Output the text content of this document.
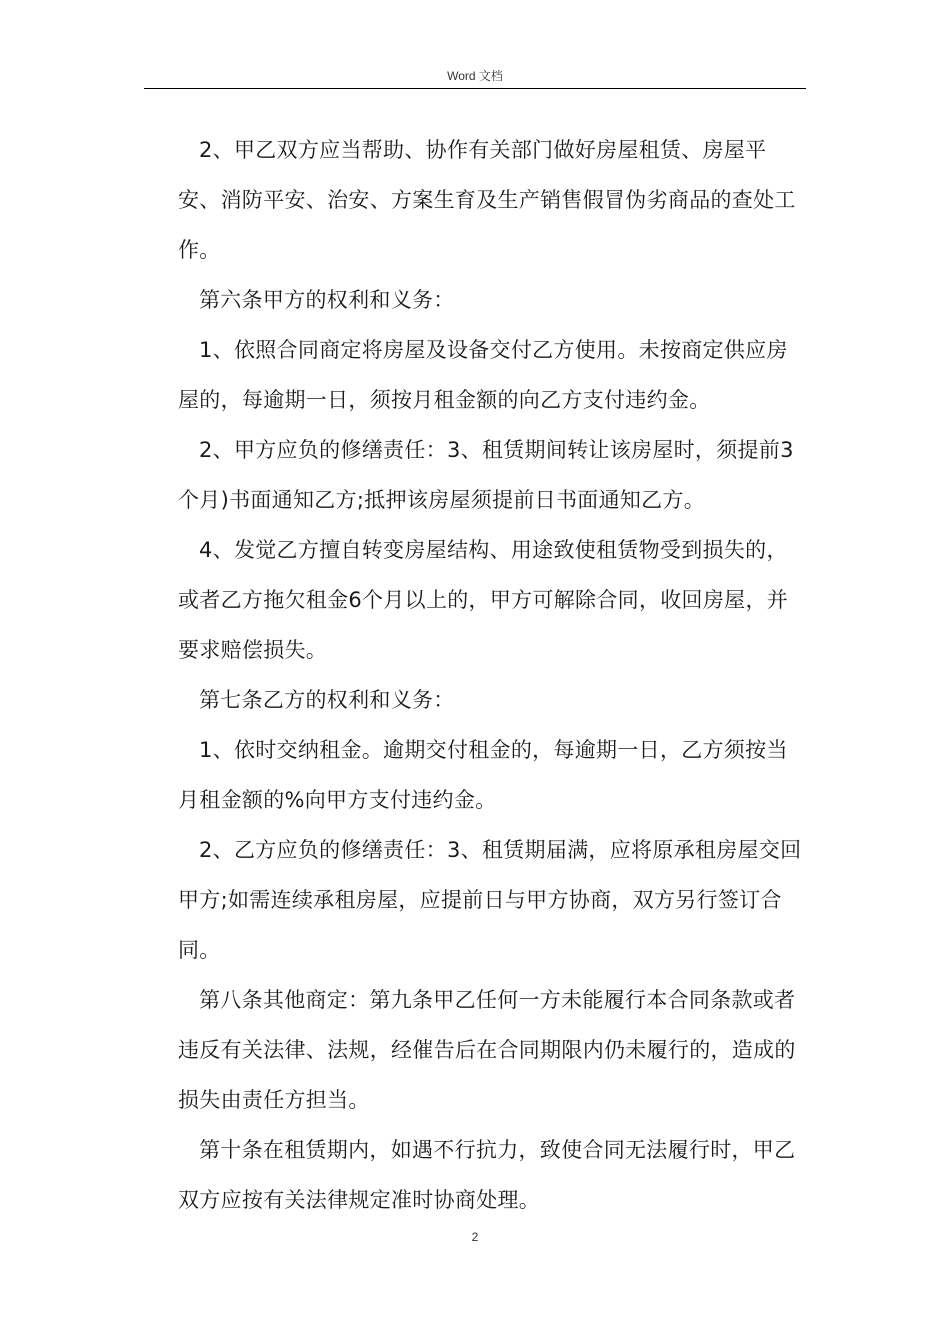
Word 文档

2、甲乙双方应当帮助、协作有关部门做好房屋租赁、房屋平安、消防平安、治安、方案生育及生产销售假冒伪劣商品的查处工作。

第六条甲方的权利和义务：

1、依照合同商定将房屋及设备交付乙方使用。未按商定供应房屋的，每逾期一日，须按月租金额的向乙方支付违约金。

2、甲方应负的修缮责任：3、租赁期间转让该房屋时，须提前3个月)书面通知乙方;抵押该房屋须提前日书面通知乙方。

4、发觉乙方擅自转变房屋结构、用途致使租赁物受到损失的，或者乙方拖欠租金6个月以上的，甲方可解除合同，收回房屋，并要求赔偿损失。

第七条乙方的权利和义务：

1、依时交纳租金。逾期交付租金的，每逾期一日，乙方须按当月租金额的%向甲方支付违约金。

2、乙方应负的修缮责任：3、租赁期届满，应将原承租房屋交回甲方;如需连续承租房屋，应提前日与甲方协商，双方另行签订合同。

第八条其他商定：第九条甲乙任何一方未能履行本合同条款或者违反有关法律、法规，经催告后在合同期限内仍未履行的，造成的损失由责任方担当。

第十条在租赁期内，如遇不行抗力，致使合同无法履行时，甲乙双方应按有关法律规定准时协商处理。

2
